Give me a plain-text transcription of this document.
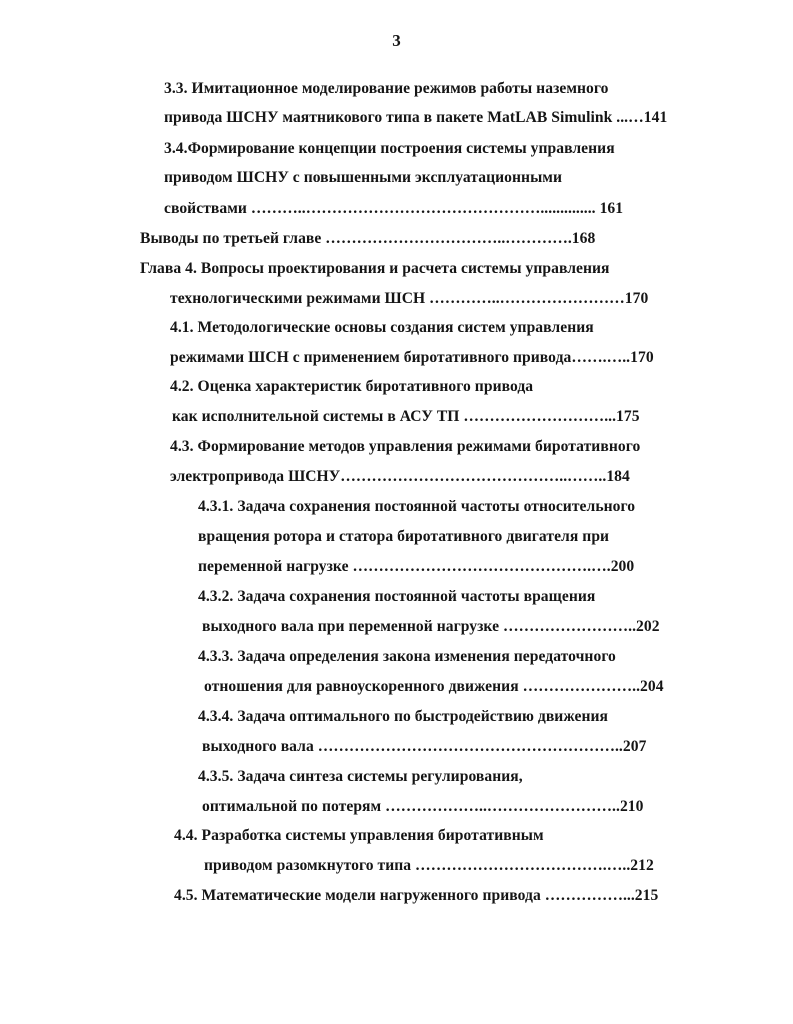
3
3.3. Имитационное моделирование режимов работы наземного
привода ШСНУ маятникового типа в пакете MatLAB Simulink ...…141
3.4.Формирование концепции построения системы управления
приводом ШСНУ с повышенными эксплуатационными
свойствами ………..……………………………………….............. 161
Выводы по третьей главе ……………………………..………….168
Глава 4. Вопросы проектирования и расчета системы управления
технологическими режимами ШСН …………..……………………170
4.1. Методологические основы создания систем управления
режимами ШСН с применением биротативного привода…….…..170
4.2. Оценка характеристик биротативного привода
как исполнительной системы в АСУ ТП ………………………...175
4.3. Формирование методов управления режимами биротативного
электропривода ШСНУ……………………………………..……..184
4.3.1. Задача сохранения постоянной частоты относительного
вращения ротора и статора биротативного двигателя при
переменной нагрузке ……………………………………….….200
4.3.2. Задача сохранения постоянной частоты вращения
выходного вала при переменной нагрузке ……………………..202
4.3.3. Задача определения закона изменения передаточного
отношения для равноускоренного движения …………………..204
4.3.4. Задача оптимального по быстродействию движения
выходного вала …………………………………………………..207
4.3.5. Задача синтеза системы регулирования,
оптимальной по потерям ………………..……………………..210
4.4. Разработка системы управления биротативным
приводом разомкнутого типа ……………………………….…..212
4.5. Математические модели нагруженного привода ……………...215
